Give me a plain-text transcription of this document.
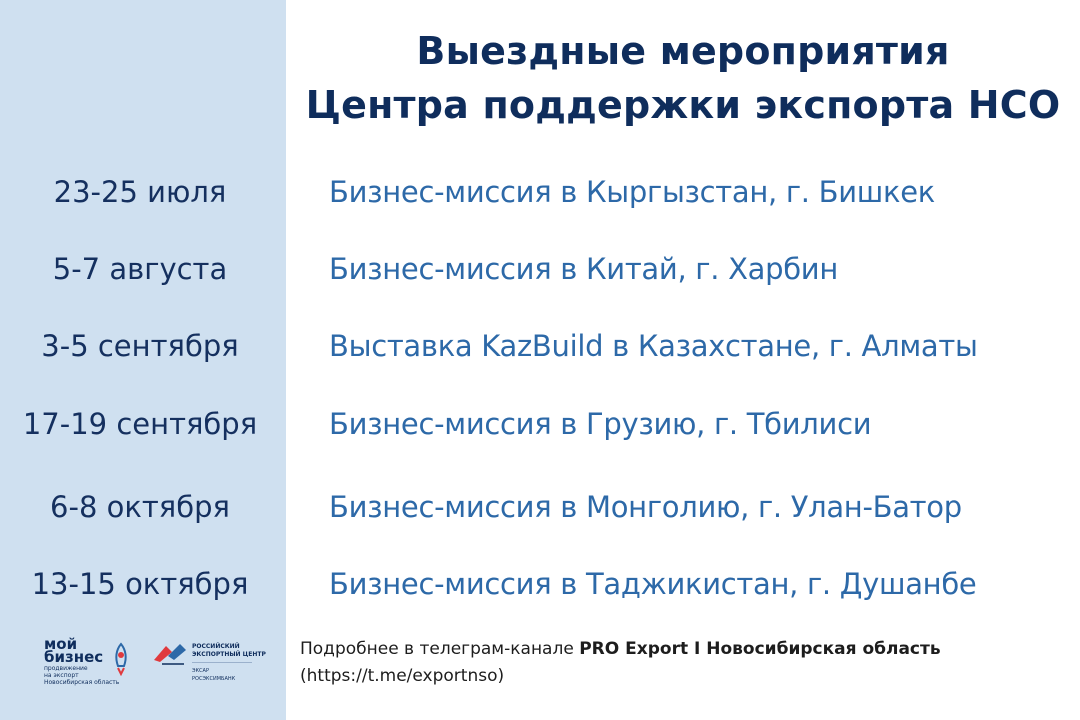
Выездные мероприятия
Центра поддержки экспорта НСО
23-25 июля	Бизнес-миссия в Кыргызстан, г. Бишкек
5-7 августа	Бизнес-миссия в Китай, г. Харбин
3-5 сентября	Выставка KazBuild в Казахстане, г. Алматы
17-19 сентября	Бизнес-миссия в Грузию, г. Тбилиси
6-8 октября	Бизнес-миссия в Монголию, г. Улан-Батор
13-15 октября	Бизнес-миссия в Таджикистан, г. Душанбе
мой
бизнес
продвижение
на экспорт
Новосибирская область
РОССИЙСКИЙ
ЭКСПОРТНЫЙ ЦЕНТР
ЭКСАР
РОСЭКСИМБАНК
Подробнее в телеграм-канале PRO Export I Новосибирская область
(https://t.me/exportnso)
